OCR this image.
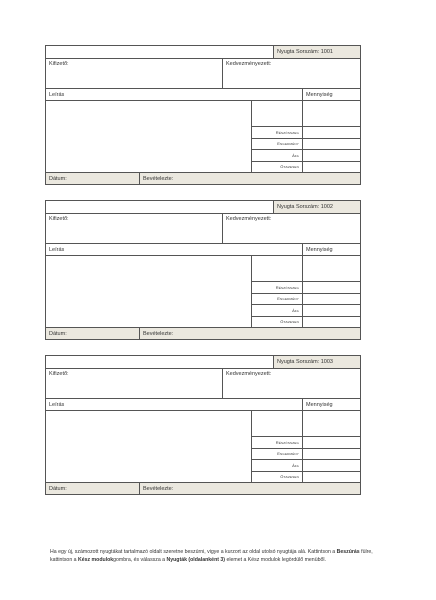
Nyugta Sorszám: 1001
Kifizető:	Kedvezményezett:
Leírás	Mennyiség
Részösszeg
Engedmény
Áfa
Összesen
Dátum:	Bevételezte:
Nyugta Sorszám: 1002
Kifizető:	Kedvezményezett:
Leírás	Mennyiség
Részösszeg
Engedmény
Áfa
Összesen
Dátum:	Bevételezte:
Nyugta Sorszám: 1003
Kifizető:	Kedvezményezett:
Leírás	Mennyiség
Részösszeg
Engedmény
Áfa
Összesen
Dátum:	Bevételezte:
Ha egy új, számozott nyugtákat tartalmazó oldalt szeretne beszúrni, vigye a kurzort az oldal utolsó nyugtája alá. Kattintson a Beszúrás fülre, kattintson a Kész modulokgombra, és válassza a Nyugták (oldalanként 3) elemet a Kész modulok legördülő menüből.
